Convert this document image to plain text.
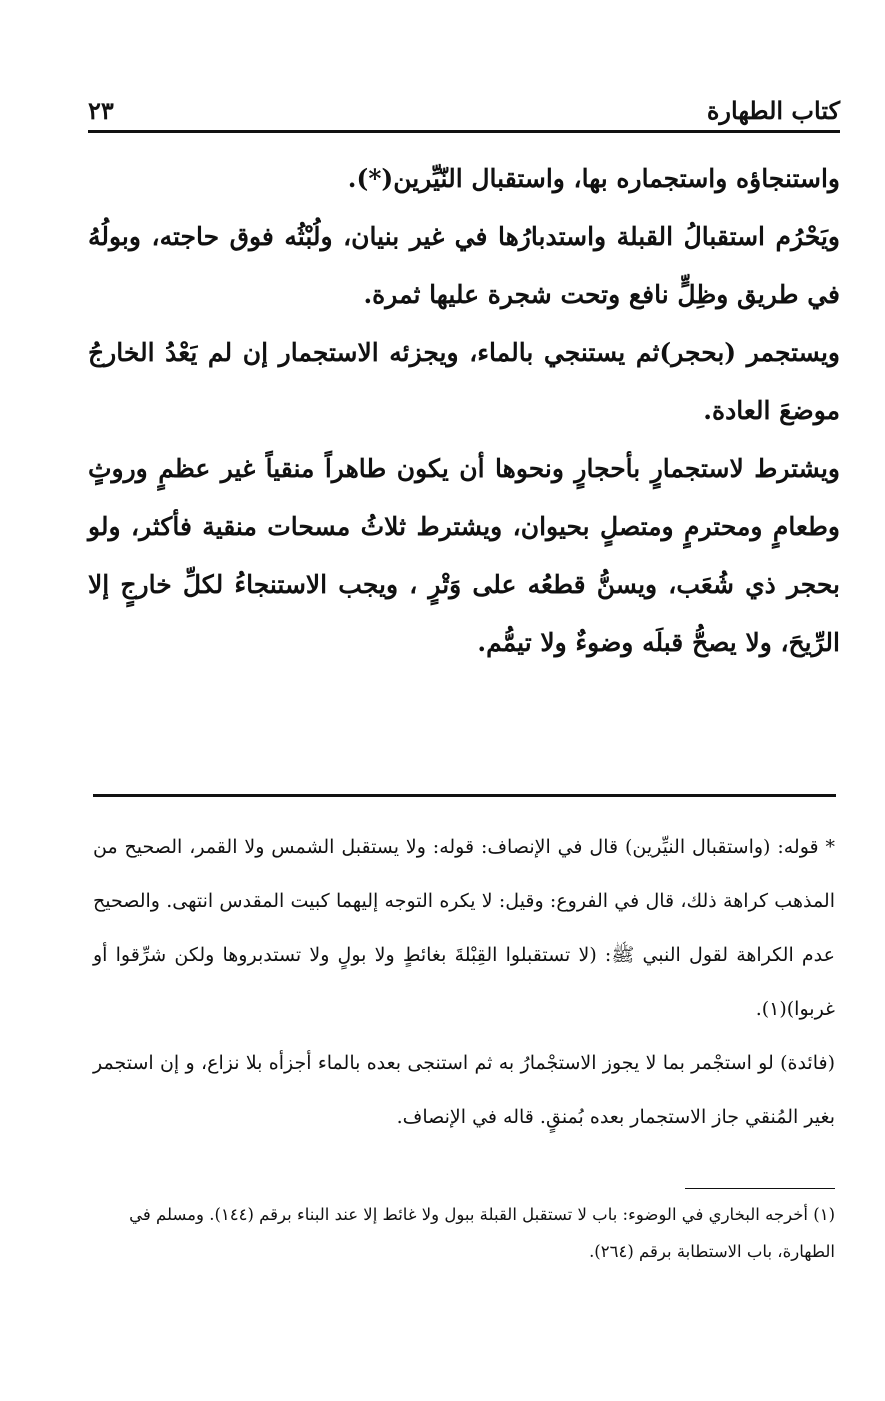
كتاب الطهارة
٢٣

واستنجاؤه واستجماره بها، واستقبال النّيِّرين(*).

ويَحْرُم استقبالُ القبلة واستدبارُها في غير بنيان، ولُبْثُه فوق حاجته، وبولُهُ في طريق وظِلٍّ نافع وتحت شجرة عليها ثمرة.

ويستجمر (بحجر)ثم يستنجي بالماء، ويجزئه الاستجمار إن لم يَعْدُ الخارجُ موضعَ العادة.

ويشترط لاستجمارٍ بأحجارٍ ونحوها أن يكون طاهراً منقياً غير عظمٍ وروثٍ وطعامٍ ومحترمٍ ومتصلٍ بحيوان، ويشترط ثلاثُ مسحات منقية فأكثر، ولو بحجر ذي شُعَب، ويسنُّ قطعُه على وَتْرٍ ، ويجب الاستنجاءُ لكلِّ خارجٍ إلا الرِّيحَ، ولا يصحُّ قبلَه وضوءٌ ولا تيمُّم.

* قوله: (واستقبال النيِّرين) قال في الإنصاف: قوله: ولا يستقبل الشمس ولا القمر، الصحيح من المذهب كراهة ذلك، قال في الفروع: وقيل: لا يكره التوجه إليهما كبيت المقدس انتهى. والصحيح عدم الكراهة لقول النبي ﷺ: (لا تستقبلوا القِبْلةَ بغائطٍ ولا بولٍ ولا تستدبروها ولكن شرِّقوا أو غربوا)(١).

(فائدة) لو استجْمر بما لا يجوز الاستجْمارُ به ثم استنجى بعده بالماء أجزأه بلا نزاع، و إن استجمر بغير المُنقي جاز الاستجمار بعده بُمنقٍ. قاله في الإنصاف.

(١) أخرجه البخاري في الوضوء: باب لا تستقبل القبلة ببول ولا غائط إلا عند البناء برقم (١٤٤). ومسلم في الطهارة، باب الاستطابة برقم (٢٦٤).
